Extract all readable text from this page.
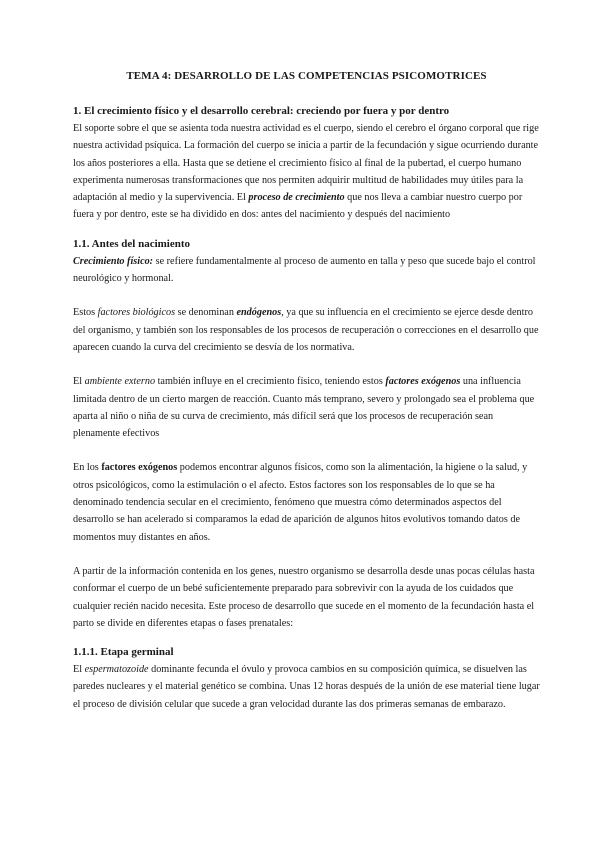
TEMA 4: DESARROLLO DE LAS COMPETENCIAS PSICOMOTRICES
1. El crecimiento físico y el desarrollo cerebral: creciendo por fuera y por dentro

El soporte sobre el que se asienta toda nuestra actividad es el cuerpo, siendo el cerebro el órgano corporal que rige nuestra actividad psíquica. La formación del cuerpo se inicia a partir de la fecundación y sigue ocurriendo durante los años posteriores a ella. Hasta que se detiene el crecimiento físico al final de la pubertad, el cuerpo humano experimenta numerosas transformaciones que nos permiten adquirir multitud de habilidades muy útiles para la adaptación al medio y la supervivencia. El proceso de crecimiento que nos lleva a cambiar nuestro cuerpo por fuera y por dentro, este se ha dividido en dos: antes del nacimiento y después del nacimiento

1.1. Antes del nacimiento

Crecimiento físico: se refiere fundamentalmente al proceso de aumento en talla y peso que sucede bajo el control neurológico y hormonal.

Estos factores biológicos se denominan endógenos, ya que su influencia en el crecimiento se ejerce desde dentro del organismo, y también son los responsables de los procesos de recuperación o correcciones en el desarrollo que aparecen cuando la curva del crecimiento se desvía de los normativa.

El ambiente externo también influye en el crecimiento físico, teniendo estos factores exógenos una influencia limitada dentro de un cierto margen de reacción. Cuanto más temprano, severo y prolongado sea el problema que aparta al niño o niña de su curva de crecimiento, más difícil será que los procesos de recuperación sean plenamente efectivos

En los factores exógenos podemos encontrar algunos físicos, como son la alimentación, la higiene o la salud, y otros psicológicos, como la estimulación o el afecto. Estos factores son los responsables de lo que se ha denominado tendencia secular en el crecimiento, fenómeno que muestra cómo determinados aspectos del desarrollo se han acelerado si comparamos la edad de aparición de algunos hitos evolutivos tomando datos de momentos muy distantes en años.

A partir de la información contenida en los genes, nuestro organismo se desarrolla desde unas pocas células hasta conformar el cuerpo de un bebé suficientemente preparado para sobrevivir con la ayuda de los cuidados que cualquier recién nacido necesita. Este proceso de desarrollo que sucede en el momento de la fecundación hasta el parto se divide en diferentes etapas o fases prenatales:

1.1.1. Etapa germinal

El espermatozoide dominante fecunda el óvulo y provoca cambios en su composición química, se disuelven las paredes nucleares y el material genético se combina. Unas 12 horas después de la unión de ese material tiene lugar el proceso de división celular que sucede a gran velocidad durante las dos primeras semanas de embarazo.
